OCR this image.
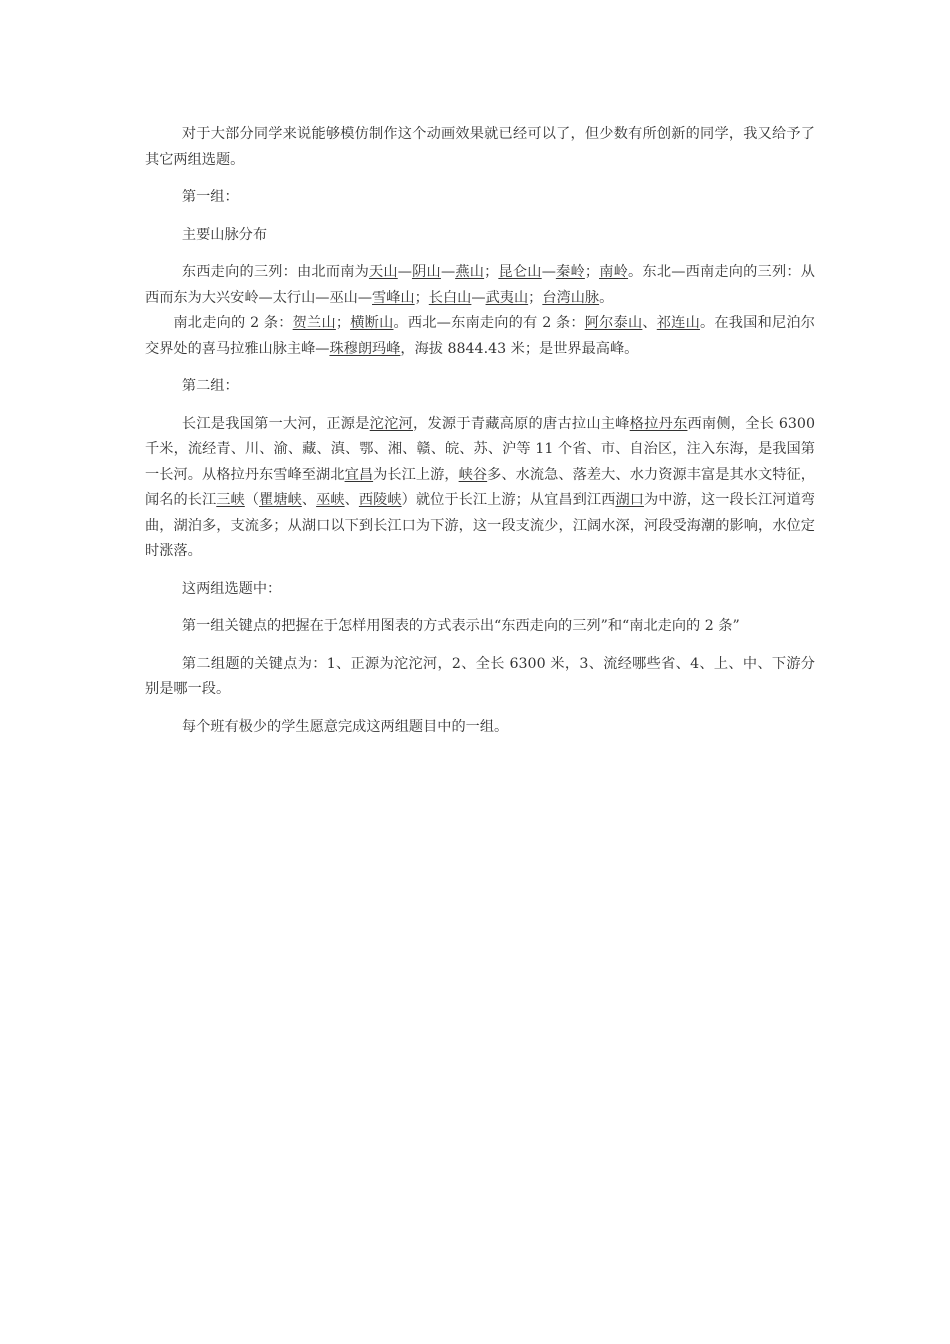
对于大部分同学来说能够模仿制作这个动画效果就已经可以了，但少数有所创新的同学，我又给予了其它两组选题。

第一组：

主要山脉分布

东西走向的三列：由北而南为天山—阴山—燕山；昆仑山—秦岭；南岭。东北—西南走向的三列：从西而东为大兴安岭—太行山—巫山—雪峰山；长白山—武夷山；台湾山脉。

南北走向的 2 条：贺兰山；横断山。西北—东南走向的有 2 条：阿尔泰山、祁连山。在我国和尼泊尔交界处的喜马拉雅山脉主峰—珠穆朗玛峰，海拔 8844.43 米；是世界最高峰。

第二组：

长江是我国第一大河，正源是沱沱河，发源于青藏高原的唐古拉山主峰格拉丹东西南侧，全长 6300 千米，流经青、川、渝、藏、滇、鄂、湘、赣、皖、苏、沪等 11 个省、市、自治区，注入东海，是我国第一长河。从格拉丹东雪峰至湖北宜昌为长江上游，峡谷多、水流急、落差大、水力资源丰富是其水文特征，闻名的长江三峡（瞿塘峡、巫峡、西陵峡）就位于长江上游；从宜昌到江西湖口为中游，这一段长江河道弯曲，湖泊多，支流多；从湖口以下到长江口为下游，这一段支流少，江阔水深，河段受海潮的影响，水位定时涨落。

这两组选题中：

第一组关键点的把握在于怎样用图表的方式表示出“东西走向的三列”和“南北走向的 2 条”

第二组题的关键点为：1、正源为沱沱河，2、全长 6300 米，3、流经哪些省、4、上、中、下游分别是哪一段。

每个班有极少的学生愿意完成这两组题目中的一组。
